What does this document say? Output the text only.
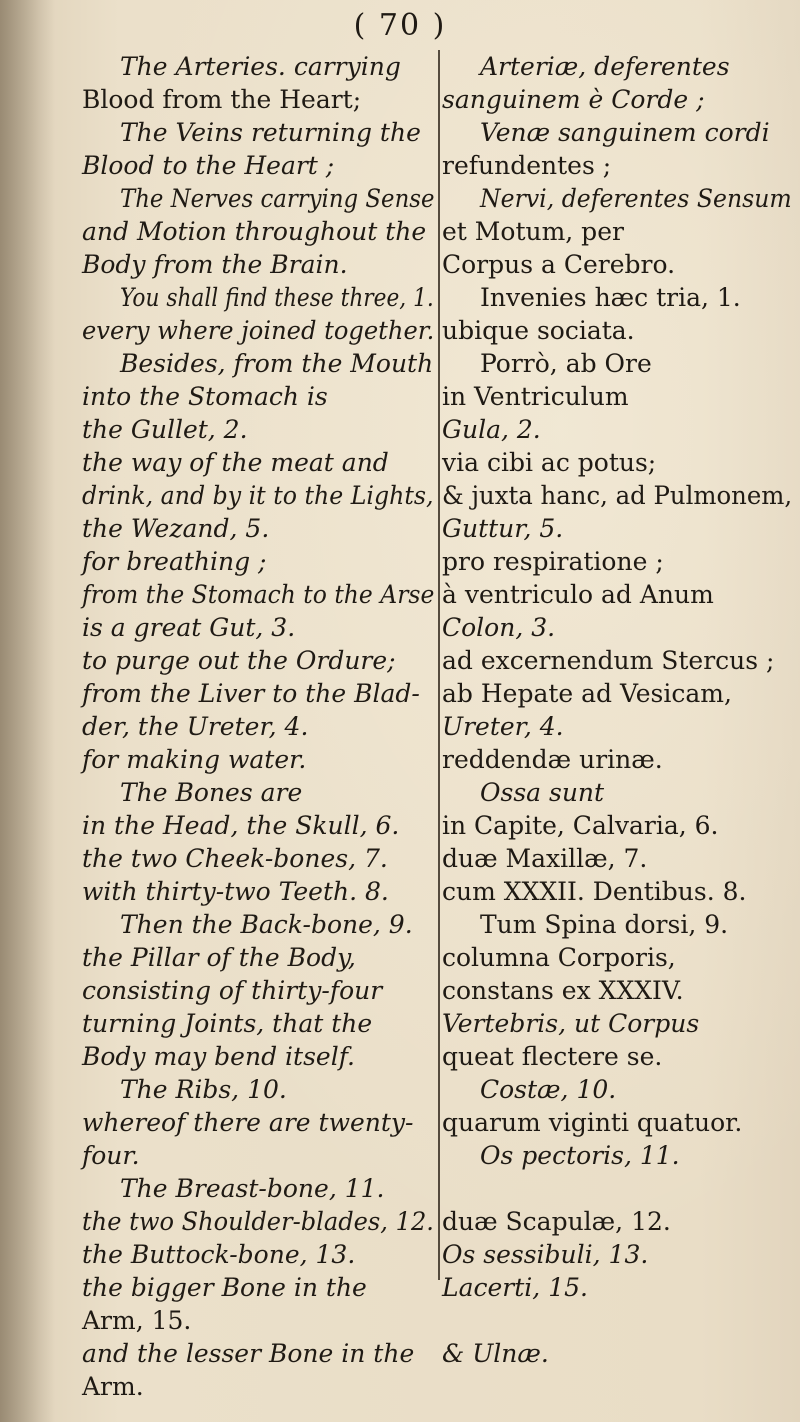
( 70 )
The Arteries. carrying
Blood from the Heart;
The Veins returning the
Blood to the Heart ;
The Nerves carrying Sense
and Motion throughout the
Body from the Brain.
You shall find these three, 1.
every where joined together.
Besides, from the Mouth
into the Stomach is
the Gullet, 2.
the way of the meat and
drink, and by it to the Lights,
the Wezand, 5.
for breathing ;
from the Stomach to the Arse
is a great Gut, 3.
to purge out the Ordure;
from the Liver to the Blad-
der, the Ureter, 4.
for making water.
The Bones are
in the Head, the Skull, 6.
the two Cheek-bones, 7.
with thirty-two Teeth. 8.
Then the Back-bone, 9.
the Pillar of the Body,
consisting of thirty-four
turning Joints, that the
Body may bend itself.
The Ribs, 10.
whereof there are twenty-
four.
The Breast-bone, 11.
the two Shoulder-blades, 12.
the Buttock-bone, 13.
the bigger Bone in the
Arm, 15.
and the lesser Bone in the
Arm.
Arteriæ, deferentes
sanguinem è Corde ;
Venæ sanguinem cordi
refundentes ;
Nervi, deferentes Sensum
et Motum, per
Corpus a Cerebro.
Invenies hæc tria, 1.
ubique sociata.
Porrò, ab Ore
in Ventriculum
Gula, 2.
via cibi ac potus;
& juxta hanc, ad Pulmonem,
Guttur, 5.
pro respiratione ;
à ventriculo ad Anum
Colon, 3.
ad excernendum Stercus ;
ab Hepate ad Vesicam,
Ureter, 4.
reddendæ urinæ.
Ossa sunt
in Capite, Calvaria, 6.
duæ Maxillæ, 7.
cum XXXII. Dentibus. 8.
Tum Spina dorsi, 9.
columna Corporis,
constans ex XXXIV.
Vertebris, ut Corpus
queat flectere se.
Costæ, 10.
quarum viginti quatuor.
Os pectoris, 11.
duæ Scapulæ, 12.
Os sessibuli, 13.
Lacerti, 15.
& Ulnæ.
